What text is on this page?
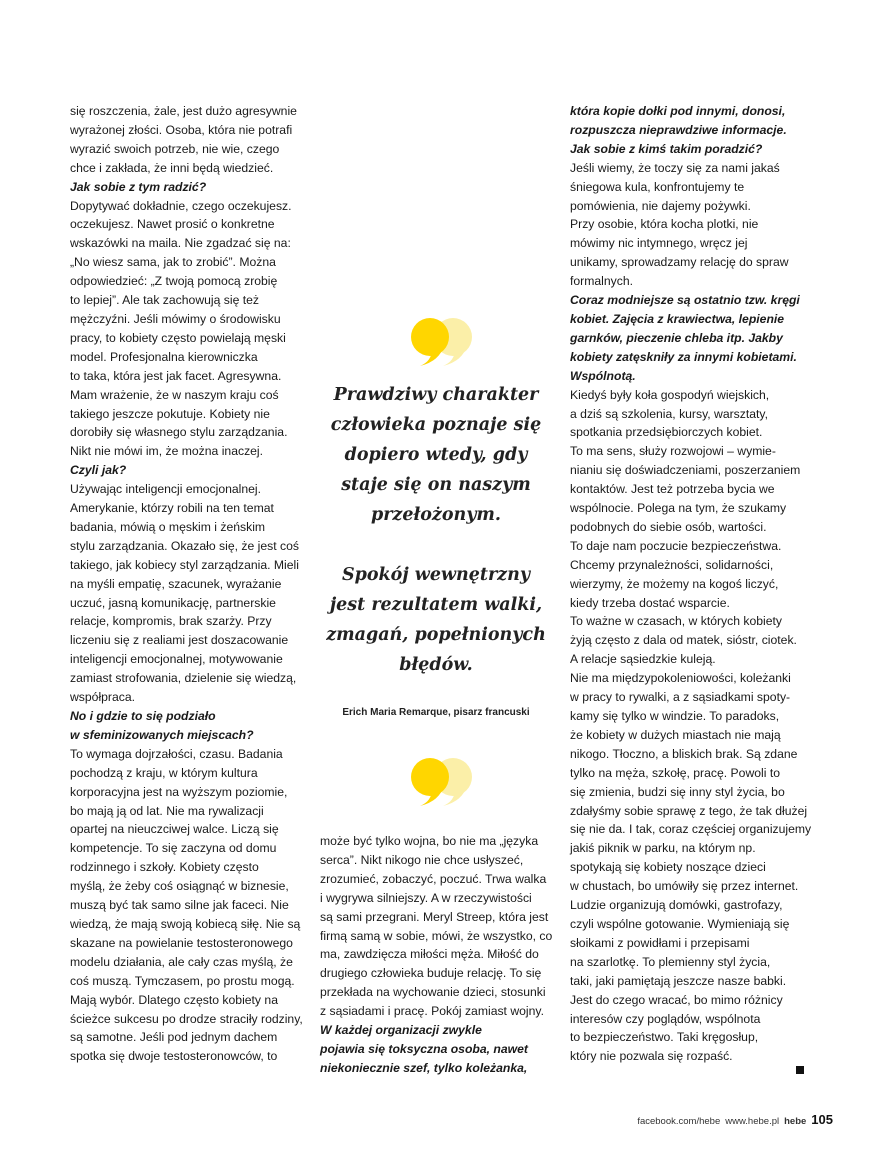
się roszczenia, żale, jest dużo agresywnie

wyrażonej złości. Osoba, która nie potrafi

wyrazić swoich potrzeb, nie wie, czego

chce i zakłada, że inni będą wiedzieć.

Jak sobie z tym radzić?

Dopytywać dokładnie, czego oczekujesz.

oczekujesz. Nawet prosić o konkretne

wskazówki na maila. Nie zgadzać się na:

„No wiesz sama, jak to zrobić”. Można

odpowiedzieć: „Z twoją pomocą zrobię

to lepiej”. Ale tak zachowują się też

mężczyźni. Jeśli mówimy o środowisku

pracy, to kobiety często powielają męski

model. Profesjonalna kierowniczka

to taka, która jest jak facet. Agresywna.

Mam wrażenie, że w naszym kraju coś

takiego jeszcze pokutuje. Kobiety nie

dorobiły się własnego stylu zarządzania.

Nikt nie mówi im, że można inaczej.

Czyli jak?

Używając inteligencji emocjonalnej.

Amerykanie, którzy robili na ten temat

badania, mówią o męskim i żeńskim

stylu zarządzania. Okazało się, że jest coś

takiego, jak kobiecy styl zarządzania. Mieli

na myśli empatię, szacunek, wyrażanie

uczuć, jasną komunikację, partnerskie

relacje, kompromis, brak szarży. Przy

liczeniu się z realiami jest doszacowanie

inteligencji emocjonalnej, motywowanie

zamiast strofowania, dzielenie się wiedzą,

współpraca.

No i gdzie to się podziało

w sfeminizowanych miejscach?

To wymaga dojrzałości, czasu. Badania

pochodzą z kraju, w którym kultura

korporacyjna jest na wyższym poziomie,

bo mają ją od lat. Nie ma rywalizacji

opartej na nieuczciwej walce. Liczą się

kompetencje. To się zaczyna od domu

rodzinnego i szkoły. Kobiety często

myślą, że żeby coś osiągnąć w biznesie,

muszą być tak samo silne jak faceci. Nie

wiedzą, że mają swoją kobiecą siłę. Nie są

skazane na powielanie testosteronowego

modelu działania, ale cały czas myślą, że

coś muszą. Tymczasem, po prostu mogą.

Mają wybór. Dlatego często kobiety na

ścieżce sukcesu po drodze straciły rodziny,

są samotne. Jeśli pod jednym dachem

spotka się dwoje testosteronowców, to

może być tylko wojna, bo nie ma „języka

serca”. Nikt nikogo nie chce usłyszeć,

zrozumieć, zobaczyć, poczuć. Trwa walka

i wygrywa silniejszy. A w rzeczywistości

są sami przegrani. Meryl Streep, która jest

firmą samą w sobie, mówi, że wszystko, co

ma, zawdzięcza miłości męża. Miłość do

drugiego człowieka buduje relację. To się

przekłada na wychowanie dzieci, stosunki

z sąsiadami i pracę. Pokój zamiast wojny.

W każdej organizacji zwykle

pojawia się toksyczna osoba, nawet

niekoniecznie szef, tylko koleżanka,

która kopie dołki pod innymi, donosi,

rozpuszcza nieprawdziwe informacje.

Jak sobie z kimś takim poradzić?

Jeśli wiemy, że toczy się za nami jakaś

śniegowa kula, konfrontujemy te

pomówienia, nie dajemy pożywki.

Przy osobie, która kocha plotki, nie

mówimy nic intymnego, wręcz jej

unikamy, sprowadzamy relację do spraw

formalnych.

Coraz modniejsze są ostatnio tzw. kręgi

kobiet. Zajęcia z krawiectwa, lepienie

garnków, pieczenie chleba itp. Jakby

kobiety zatęskniły za innymi kobietami.

Wspólnotą.

Kiedyś były koła gospodyń wiejskich,

a dziś są szkolenia, kursy, warsztaty,

spotkania przedsiębiorczych kobiet.

To ma sens, służy rozwojowi – wymie-

nianiu się doświadczeniami, poszerzaniem

kontaktów. Jest też potrzeba bycia we

wspólnocie. Polega na tym, że szukamy

podobnych do siebie osób, wartości.

To daje nam poczucie bezpieczeństwa.

Chcemy przynależności, solidarności,

wierzymy, że możemy na kogoś liczyć,

kiedy trzeba dostać wsparcie.

To ważne w czasach, w których kobiety

żyją często z dala od matek, sióstr, ciotek.

A relacje sąsiedzkie kuleją.

Nie ma międzypokoleniowości, koleżanki

w pracy to rywalki, a z sąsiadkami spoty-

kamy się tylko w windzie. To paradoks,

że kobiety w dużych miastach nie mają

nikogo. Tłoczno, a bliskich brak. Są zdane

tylko na męża, szkołę, pracę. Powoli to

się zmienia, budzi się inny styl życia, bo

zdałyśmy sobie sprawę z tego, że tak dłużej

się nie da. I tak, coraz częściej organizujemy

jakiś piknik w parku, na którym np.

spotykają się kobiety noszące dzieci

w chustach, bo umówiły się przez internet.

Ludzie organizują domówki, gastrofazy,

czyli wspólne gotowanie. Wymieniają się

słoikami z powidłami i przepisami

na szarlotkę. To plemienny styl życia,

taki, jaki pamiętają jeszcze nasze babki.

Jest do czego wracać, bo mimo różnicy

interesów czy poglądów, wspólnota

to bezpieczeństwo. Taki kręgosłup,

który nie pozwala się rozpaść.

Prawdziwy charakter

człowieka poznaje się

dopiero wtedy, gdy

staje się on naszym

przełożonym.

Spokój wewnętrzny

jest rezultatem walki,

zmagań, popełnionych

błędów.

Erich Maria Remarque, pisarz francuski
facebook.com/hebe www.hebe.pl hebe 105
